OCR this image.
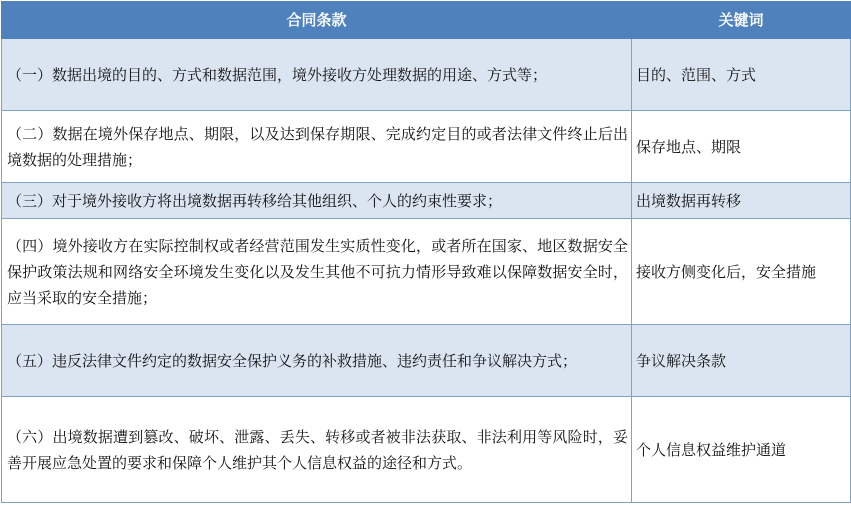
合同条款	关键词
（一）数据出境的目的、方式和数据范围，境外接收方处理数据的用途、方式等；	目的、范围、方式
（二）数据在境外保存地点、期限，以及达到保存期限、完成约定目的或者法律文件终止后出境数据的处理措施；	保存地点、期限
（三）对于境外接收方将出境数据再转移给其他组织、个人的约束性要求；	出境数据再转移
（四）境外接收方在实际控制权或者经营范围发生实质性变化，或者所在国家、地区数据安全保护政策法规和网络安全环境发生变化以及发生其他不可抗力情形导致难以保障数据安全时，应当采取的安全措施；	接收方侧变化后，安全措施
（五）违反法律文件约定的数据安全保护义务的补救措施、违约责任和争议解决方式；	争议解决条款
（六）出境数据遭到篡改、破坏、泄露、丢失、转移或者被非法获取、非法利用等风险时，妥善开展应急处置的要求和保障个人维护其个人信息权益的途径和方式。	个人信息权益维护通道
